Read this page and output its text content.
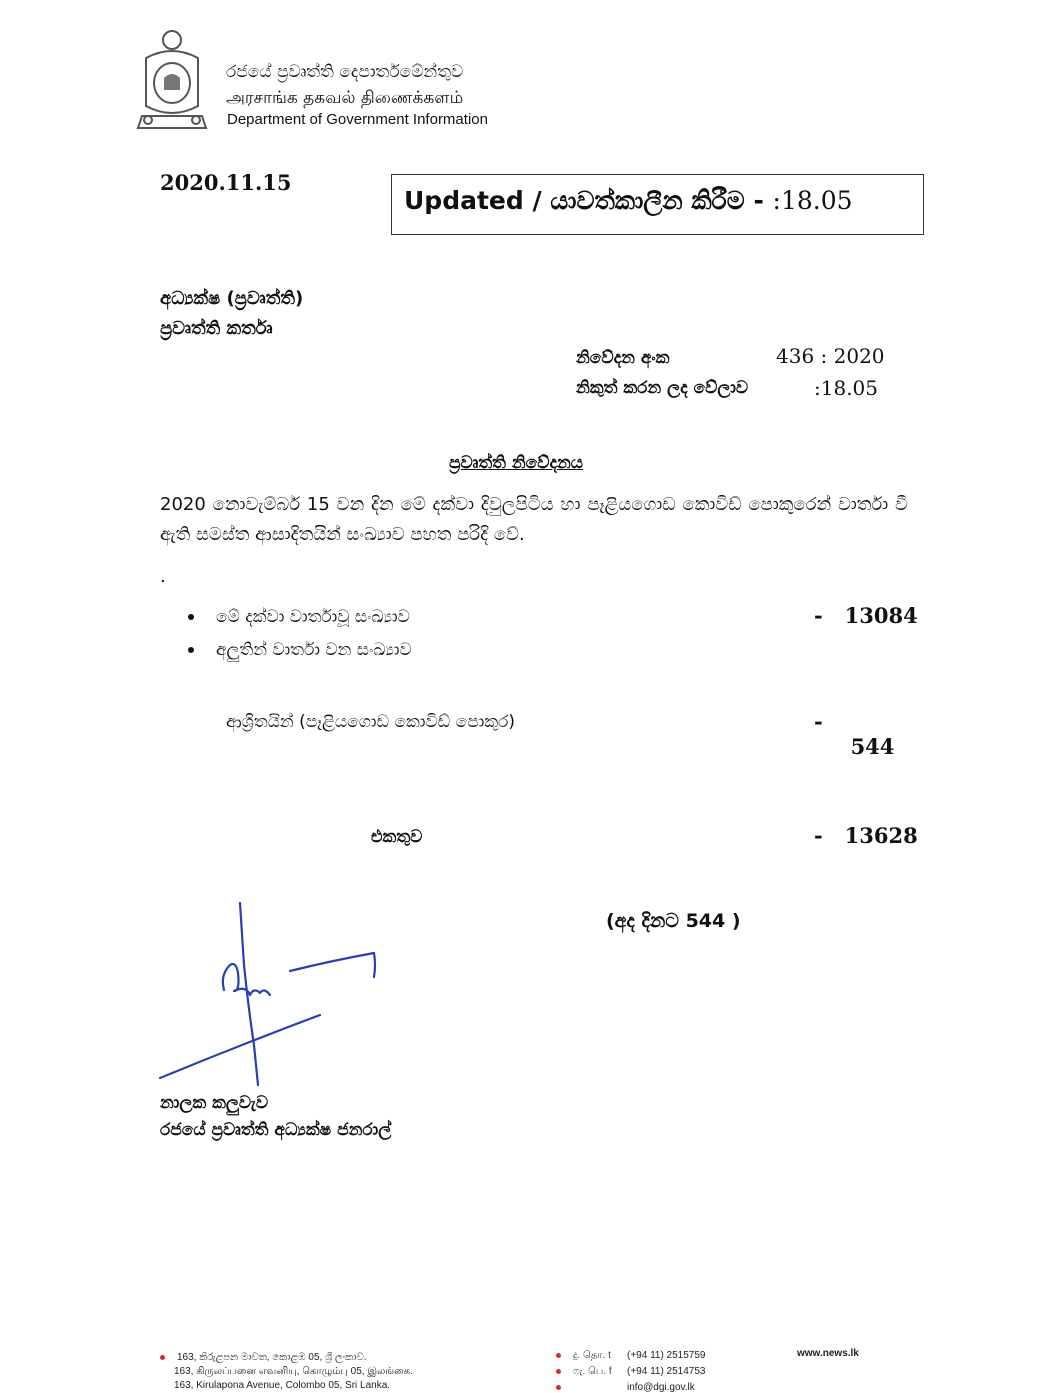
රජයේ ප්‍රවෘත්ති දෙපාර්තමේන්තුව
அரசாங்க தகவல் திணைக்களம்
Department of Government Information
2020.11.15
Updated / යාවත්කාලීන කිරීම - :18.05
අධ්‍යක්ෂ (ප්‍රවෘත්ති)
ප්‍රවෘත්ති කර්තෘ
නිවේදන අංක	436 : 2020
නිකුත් කරන ලද වේලාව	:18.05
ප්‍රවෘත්ති නිවේදනය
2020 නොවැම්බර් 15 වන දින මේ දක්වා දිවුලපිටිය හා පෑළියගොඩ කොවිඩ් පොකුරෙන් වාර්තා වී ඇති සමස්ත ආසාදිතයින් සංඛ්‍යාව පහත පරිදි වේ.
.
මේ දක්වා වාර්තාවූ සංඛ්‍යාව	- 13084
අලුතින් වාර්තා වන සංඛ්‍යාව
ආශ්‍රිතයින් (පෑළියගොඩ කොවිඩ් පොකුර)	-     544
එකතුව	- 13628
(අද දිනට 544 )
නාලක කලුවැව
රජයේ ප්‍රවෘත්ති අධ්‍යක්ෂ ජනරාල්
163, කිරුළපන මාවත, කොළඹ 05, ශ්‍රී ලංකාව.
163, கிருலப்பனை எவனியு, கொழும்பு 05, இலங்கை.
163, Kirulapona Avenue, Colombo 05, Sri Lanka.
දු. தொ. t (+94 11) 2515759
ෆැ. பெ. f (+94 11) 2514753
info@dgi.gov.lk
www.news.lk
